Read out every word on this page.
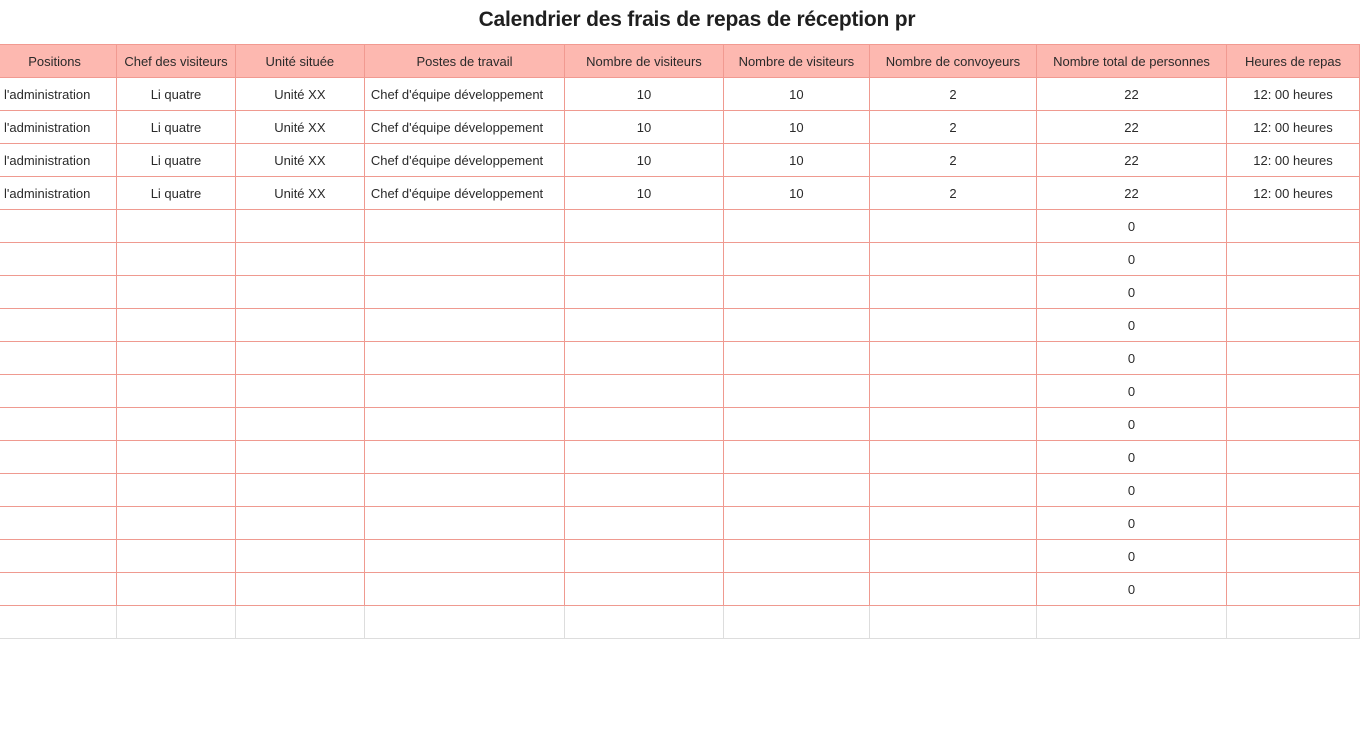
Calendrier des frais de repas de réception pr
Positions	Chef des visiteurs	Unité située	Postes de travail	Nombre de visiteurs	Nombre de visiteurs	Nombre de convoyeurs	Nombre total de personnes	Heures de repas
l'administration	Li quatre	Unité XX	Chef d'équipe développement	10	10	2	22	12: 00 heures
l'administration	Li quatre	Unité XX	Chef d'équipe développement	10	10	2	22	12: 00 heures
l'administration	Li quatre	Unité XX	Chef d'équipe développement	10	10	2	22	12: 00 heures
l'administration	Li quatre	Unité XX	Chef d'équipe développement	10	10	2	22	12: 00 heures
							0	
							0	
							0	
							0	
							0	
							0	
							0	
							0	
							0	
							0	
							0	
							0	
